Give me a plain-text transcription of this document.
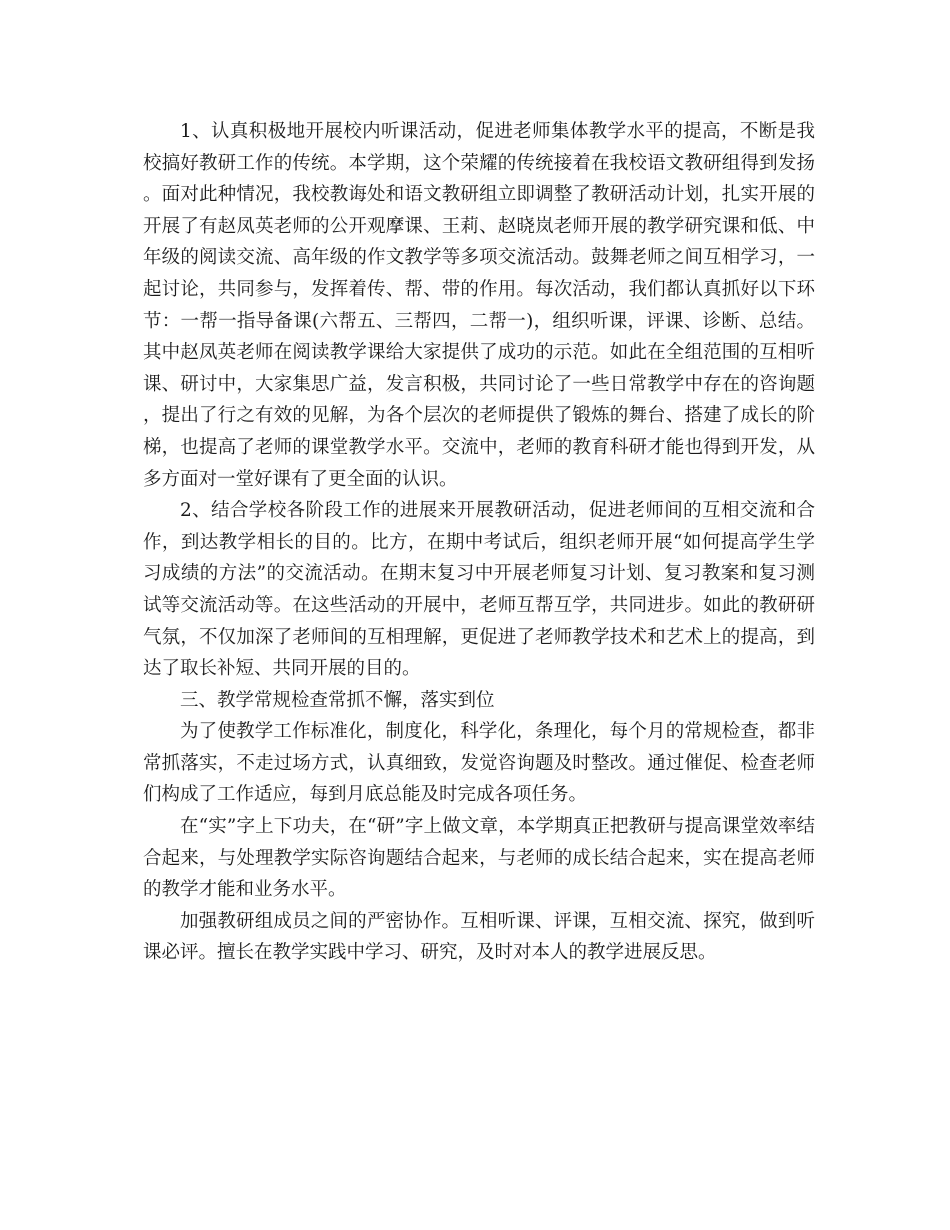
1、认真积极地开展校内听课活动，促进老师集体教学水平的提高，不断是我校搞好教研工作的传统。本学期，这个荣耀的传统接着在我校语文教研组得到发扬。面对此种情况，我校教诲处和语文教研组立即调整了教研活动计划，扎实开展的开展了有赵凤英老师的公开观摩课、王莉、赵晓岚老师开展的教学研究课和低、中年级的阅读交流、高年级的作文教学等多项交流活动。鼓舞老师之间互相学习，一起讨论，共同参与，发挥着传、帮、带的作用。每次活动，我们都认真抓好以下环节：一帮一指导备课(六帮五、三帮四，二帮一)，组织听课，评课、诊断、总结。其中赵凤英老师在阅读教学课给大家提供了成功的示范。如此在全组范围的互相听课、研讨中，大家集思广益，发言积极，共同讨论了一些日常教学中存在的咨询题，提出了行之有效的见解，为各个层次的老师提供了锻炼的舞台、搭建了成长的阶梯，也提高了老师的课堂教学水平。交流中，老师的教育科研才能也得到开发，从多方面对一堂好课有了更全面的认识。

2、结合学校各阶段工作的进展来开展教研活动，促进老师间的互相交流和合作，到达教学相长的目的。比方，在期中考试后，组织老师开展“如何提高学生学习成绩的方法”的交流活动。在期末复习中开展老师复习计划、复习教案和复习测试等交流活动等。在这些活动的开展中，老师互帮互学，共同进步。如此的教研研气氛，不仅加深了老师间的互相理解，更促进了老师教学技术和艺术上的提高，到达了取长补短、共同开展的目的。

三、教学常规检查常抓不懈，落实到位

为了使教学工作标准化，制度化，科学化，条理化，每个月的常规检查，都非常抓落实，不走过场方式，认真细致，发觉咨询题及时整改。通过催促、检查老师们构成了工作适应，每到月底总能及时完成各项任务。

在“实”字上下功夫，在“研”字上做文章，本学期真正把教研与提高课堂效率结合起来，与处理教学实际咨询题结合起来，与老师的成长结合起来，实在提高老师的教学才能和业务水平。

加强教研组成员之间的严密协作。互相听课、评课，互相交流、探究，做到听课必评。擅长在教学实践中学习、研究，及时对本人的教学进展反思。
